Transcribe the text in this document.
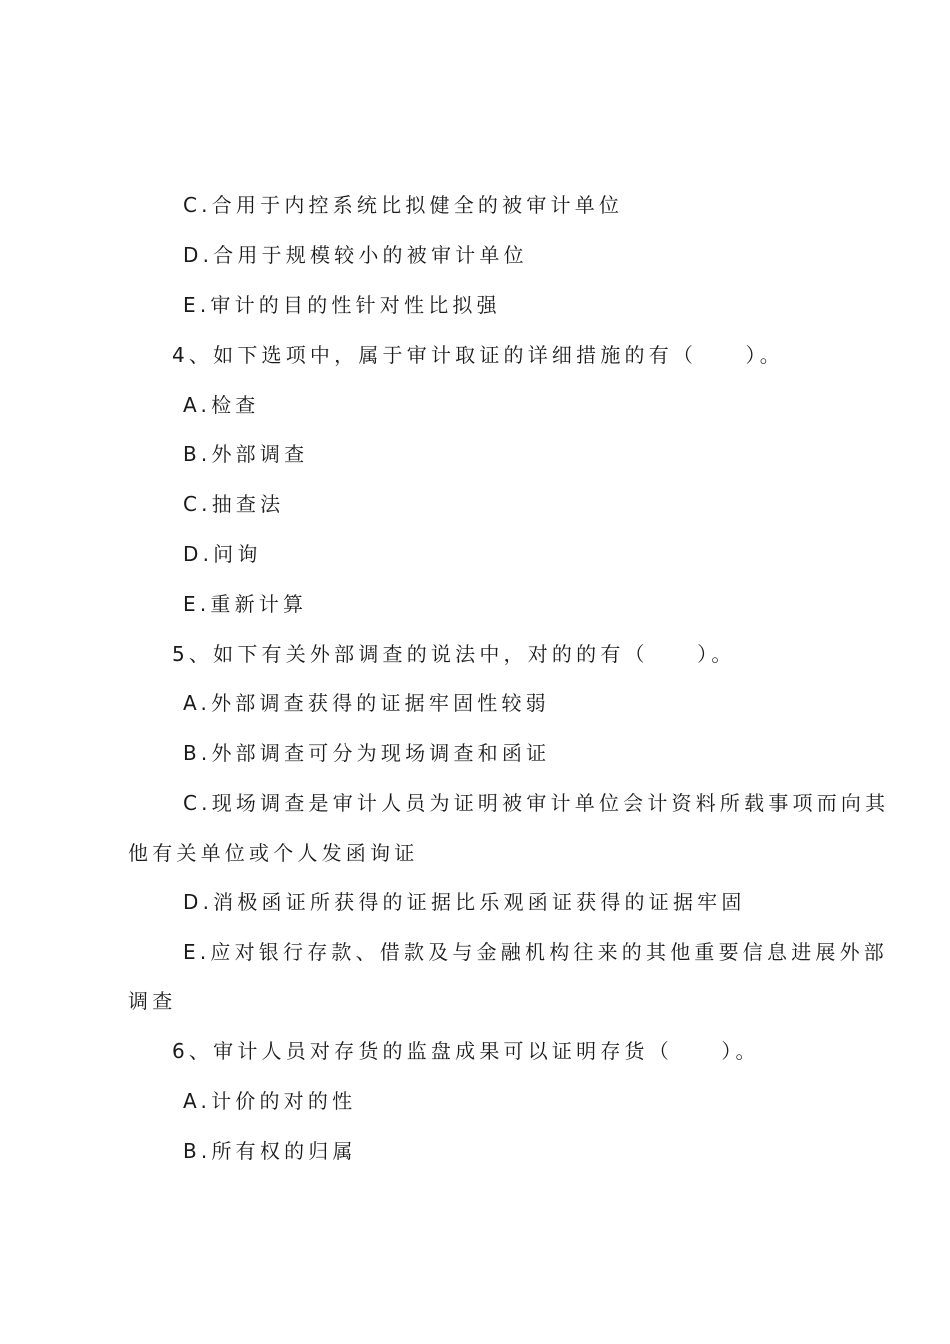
C.合用于内控系统比拟健全的被审计单位
D.合用于规模较小的被审计单位
E.审计的目的性针对性比拟强
4、如下选项中，属于审计取证的详细措施的有（　　）。
A.检查
B.外部调查
C.抽查法
D.问询
E.重新计算
5、如下有关外部调查的说法中，对的的有（　　）。
A.外部调查获得的证据牢固性较弱
B.外部调查可分为现场调查和函证
C.现场调查是审计人员为证明被审计单位会计资料所载事项而向其
他有关单位或个人发函询证
D.消极函证所获得的证据比乐观函证获得的证据牢固
E.应对银行存款、借款及与金融机构往来的其他重要信息进展外部
调查
6、审计人员对存货的监盘成果可以证明存货（　　）。
A.计价的对的性
B.所有权的归属
